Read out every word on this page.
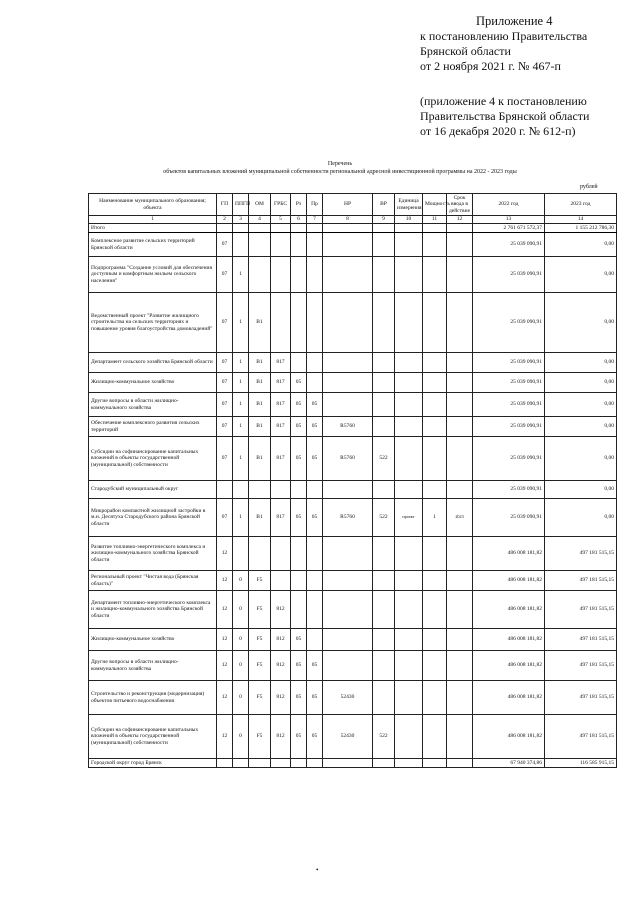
Приложение 4
к постановлению Правительства
Брянской области
от 2 ноября 2021 г. № 467-п
(приложение 4 к постановлению
Правительства Брянской области
от 16 декабря 2020 г. № 612-п)
Перечень
объектов капитальных вложений муниципальной собственности региональной адресной инвестиционной программы на 2022 - 2023 годы
рублей
Наименование муниципального образования; объекта	ГП	ППГП	ОМ	ГРБС	Рз	Пр	НР	ВР	Единица измерения	Мощность	Срок ввода в действие	2022 год	2023 год
1	2	3	4	5	6	7	8	9	10	11	12	13	14
Итого												2 761 671 572,37	1 155 212 786,30
Комплексное развитие сельских территорий Брянской области	07											25 039 090,91	0,00
Подпрограмма "Создание условий для обеспечения доступным и комфортным жильем сельского населения"	07	1										25 039 090,91	0,00
Ведомственный проект "Развитие жилищного строительства на сельских территориях и повышение уровня благоустройства домовладений"	07	1	В1									25 039 090,91	0,00
Департамент сельского хозяйства Брянской области	07	1	В1	817								25 039 090,91	0,00
Жилищно-коммунальное хозяйство	07	1	В1	817	05							25 039 090,91	0,00
Другие вопросы в области жилищно-коммунального хозяйства	07	1	В1	817	05	05						25 039 090,91	0,00
Обеспечение комплексного развития сельских территорий	07	1	В1	817	05	05	R5760					25 039 090,91	0,00
Субсидии на софинансирование капитальных вложений в объекты государственной (муниципальной) собственности	07	1	В1	817	05	05	R5760	522				25 039 090,91	0,00
Стародубский муниципальный округ												25 039 090,91	0,00
Микрорайон компактной жилищной застройки в м.н. Десятуха Стародубского района Брянской области	07	1	В1	817	05	05	R5760	522	проект	1	2023	25 039 090,91	0,00
Развитие топливно-энергетического комплекса и жилищно-коммунального хозяйства Брянской области	12											486 008 181,82	497 181 515,15
Региональный проект "Чистая вода (Брянская область)"	12	0	F5									486 008 181,82	497 181 515,15
Департамент топливно-энергетического комплекса и жилищно-коммунального хозяйства Брянской области	12	0	F5	812								486 008 181,82	497 181 515,15
Жилищно-коммунальное хозяйство	12	0	F5	812	05							486 008 181,82	497 181 515,15
Другие вопросы в области жилищно-коммунального хозяйства	12	0	F5	812	05	05						486 008 181,82	497 181 515,15
Строительство и реконструкция (модернизация) объектов питьевого водоснабжения	12	0	F5	812	05	05	52430					486 008 181,82	497 181 515,15
Субсидии на софинансирование капитальных вложений в объекты государственной (муниципальной) собственности	12	0	F5	812	05	05	52430	522				486 008 181,82	497 181 515,15
Городской округ город Брянск												67 940 374,86	116 585 915,15
•
